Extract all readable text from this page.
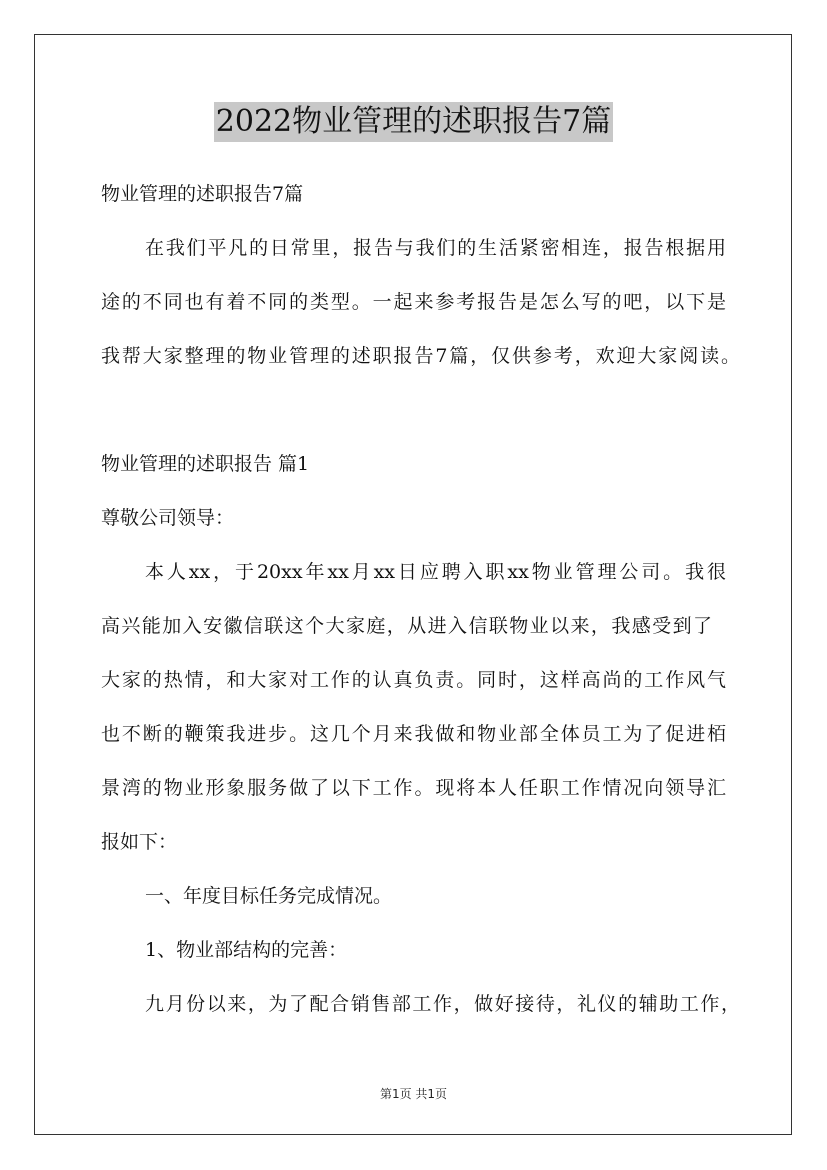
2022物业管理的述职报告7篇
物业管理的述职报告7篇
在我们平凡的日常里，报告与我们的生活紧密相连，报告根据用
途的不同也有着不同的类型。一起来参考报告是怎么写的吧，以下是
我帮大家整理的物业管理的述职报告7篇，仅供参考，欢迎大家阅读。
物业管理的述职报告 篇1
尊敬公司领导：
本人xx，于20xx年xx月xx日应聘入职xx物业管理公司。我很
高兴能加入安徽信联这个大家庭，从进入信联物业以来，我感受到了
大家的热情，和大家对工作的认真负责。同时，这样高尚的工作风气
也不断的鞭策我进步。这几个月来我做和物业部全体员工为了促进栢
景湾的物业形象服务做了以下工作。现将本人任职工作情况向领导汇
报如下：
一、年度目标任务完成情况。
1、物业部结构的完善：
九月份以来，为了配合销售部工作，做好接待，礼仪的辅助工作，
第1页 共1页
